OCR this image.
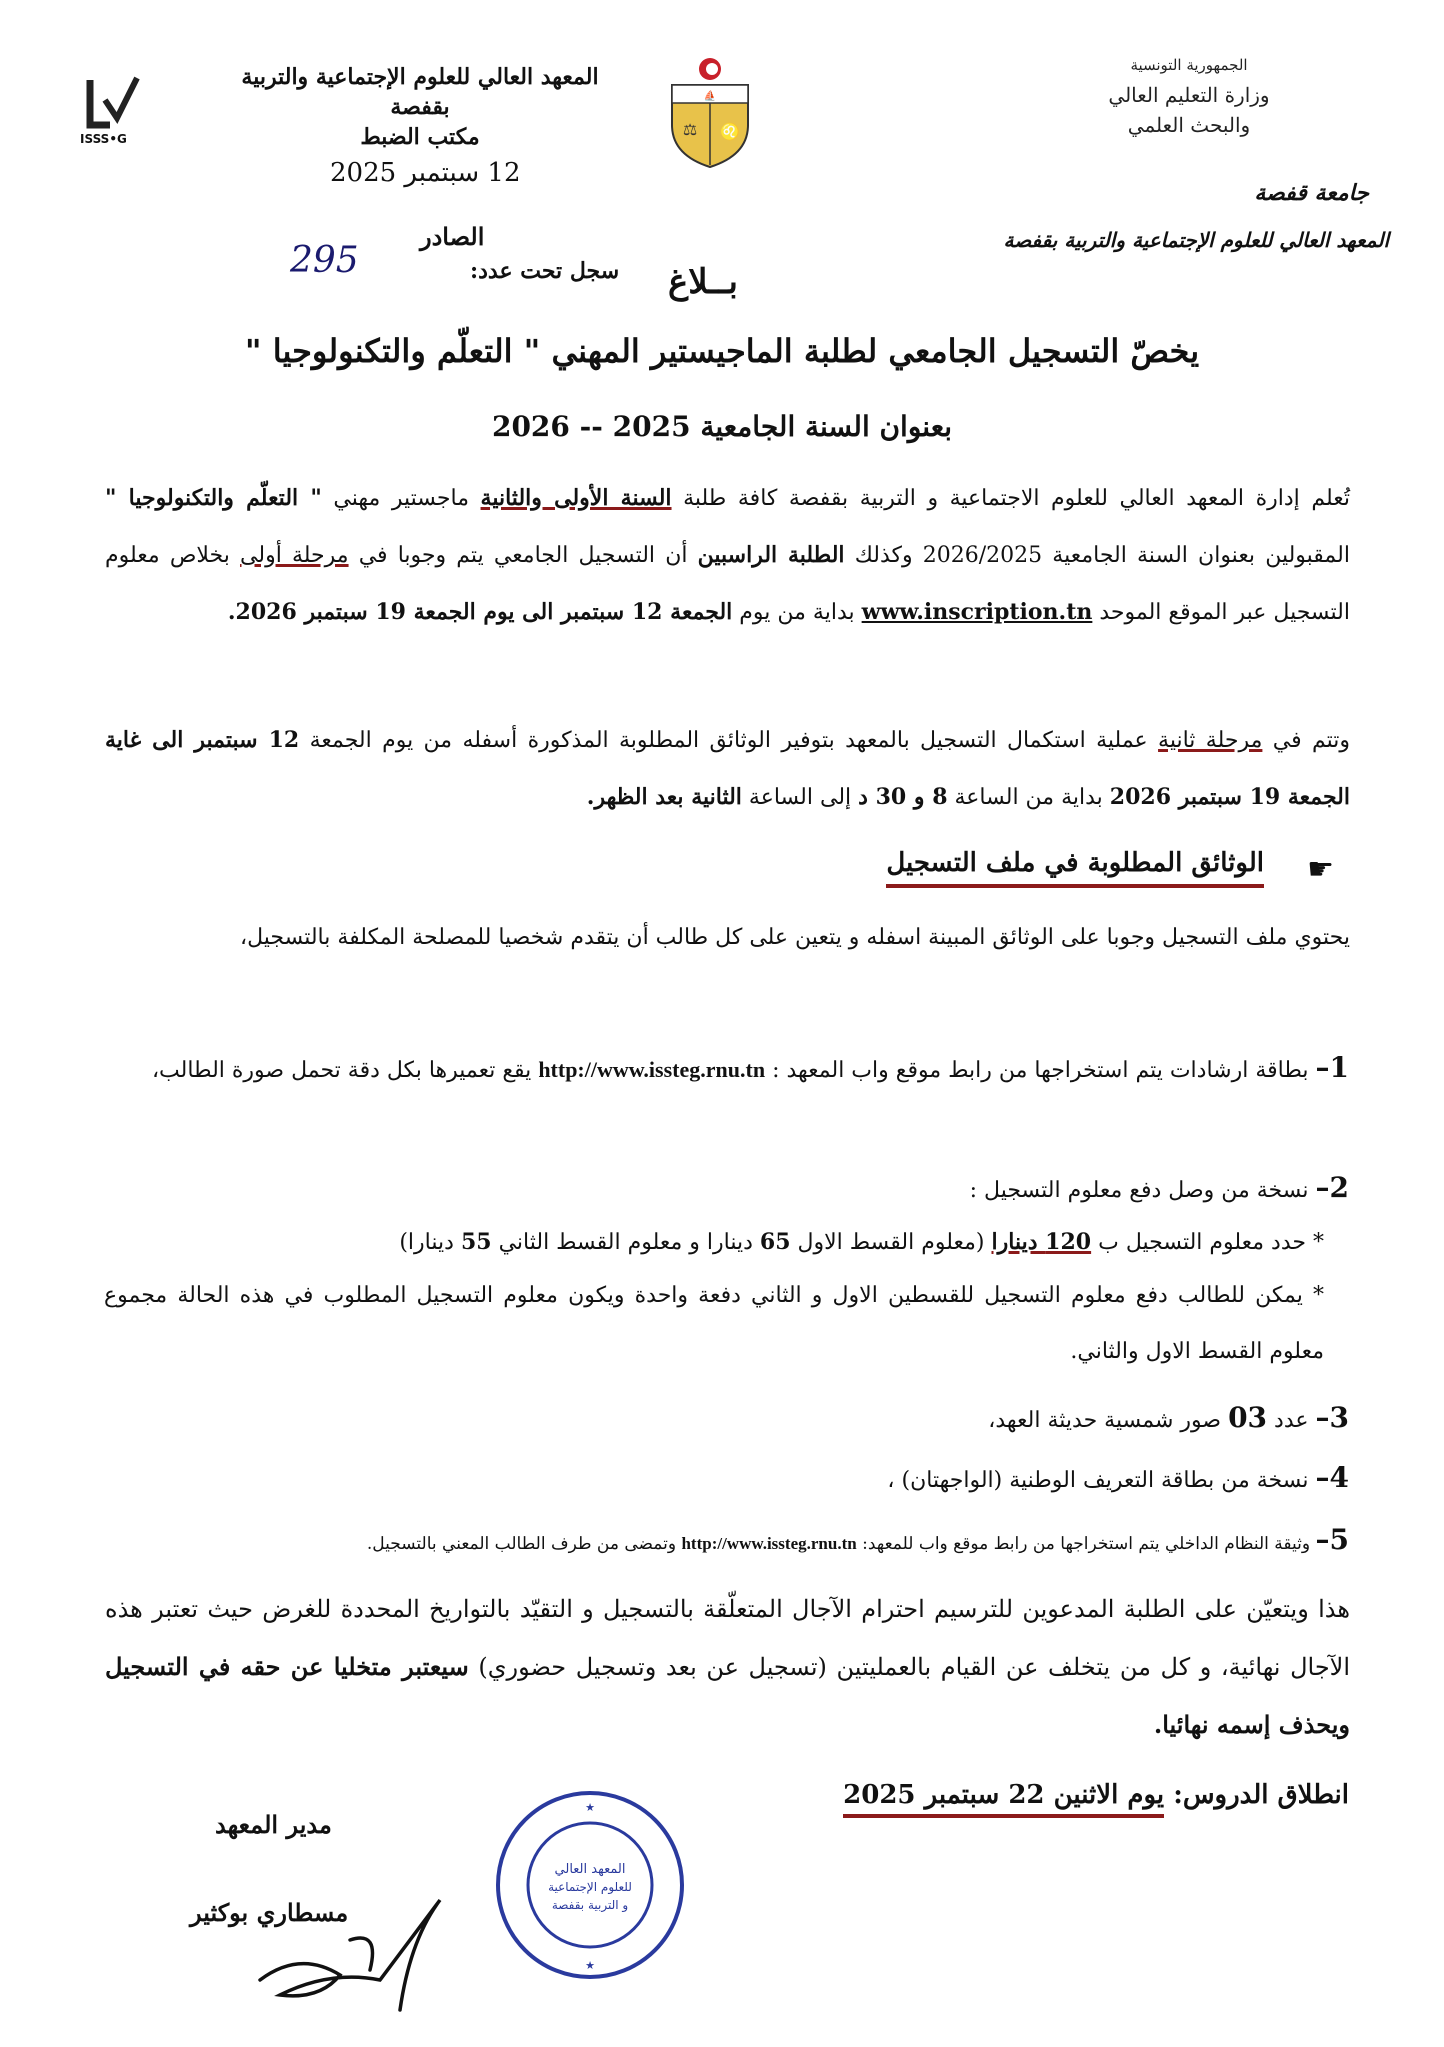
الجمهورية التونسية
وزارة التعليم العالي
والبحث العلمي
جامعة قفصة
المعهد العالي للعلوم الإجتماعية والتربية بقفصة
⛵
⚖ ♌
المعهد العالي للعلوم الإجتماعية والتربية بقفصة
مكتب الضبط
ISSS•G
12 سبتمبر 2025
الصادر
295	سجل تحت عدد: بــلاغ
يخصّ التسجيل الجامعي لطلبة الماجيستير المهني " التعلّم والتكنولوجيا "
بعنوان السنة الجامعية 2025 -- 2026
تُعلم إدارة المعهد العالي للعلوم الاجتماعية و التربية بقفصة كافة طلبة السنة الأولى والثانية ماجستير مهني " التعلّم والتكنولوجيا " المقبولين بعنوان السنة الجامعية 2026/2025 وكذلك الطلبة الراسبين أن التسجيل الجامعي يتم وجوبا في مرحلة أولى بخلاص معلوم التسجيل عبر الموقع الموحد www.inscription.tn بداية من يوم الجمعة 12 سبتمبر الى يوم الجمعة 19 سبتمبر 2026.
وتتم في مرحلة ثانية عملية استكمال التسجيل بالمعهد بتوفير الوثائق المطلوبة المذكورة أسفله من يوم الجمعة 12 سبتمبر الى غاية الجمعة 19 سبتمبر 2026 بداية من الساعة 8 و 30 د إلى الساعة الثانية بعد الظهر.
☛
الوثائق المطلوبة في ملف التسجيل
يحتوي ملف التسجيل وجوبا على الوثائق المبينة اسفله و يتعين على كل طالب أن يتقدم شخصيا للمصلحة المكلفة بالتسجيل،
1– بطاقة ارشادات يتم استخراجها من رابط موقع واب المعهد : http://www.issteg.rnu.tn يقع تعميرها بكل دقة تحمل صورة الطالب،
2– نسخة من وصل دفع معلوم التسجيل :
* حدد معلوم التسجيل ب 120 دينارا (معلوم القسط الاول 65 دينارا و معلوم القسط الثاني 55 دينارا)
* يمكن للطالب دفع معلوم التسجيل للقسطين الاول و الثاني دفعة واحدة ويكون معلوم التسجيل المطلوب في هذه الحالة مجموع معلوم القسط الاول والثاني.
3– عدد 03 صور شمسية حديثة العهد،
4– نسخة من بطاقة التعريف الوطنية (الواجهتان) ،
5– وثيقة النظام الداخلي يتم استخراجها من رابط موقع واب للمعهد: http://www.issteg.rnu.tn وتمضى من طرف الطالب المعني بالتسجيل.
هذا ويتعيّن على الطلبة المدعوين للترسيم احترام الآجال المتعلّقة بالتسجيل و التقيّد بالتواريخ المحددة للغرض حيث تعتبر هذه الآجال نهائية، و كل من يتخلف عن القيام بالعمليتين (تسجيل عن بعد وتسجيل حضوري) سيعتبر متخليا عن حقه في التسجيل ويحذف إسمه نهائيا.
انطلاق الدروس: يوم الاثنين 22 سبتمبر 2025
مدير المعهد
مسطاري بوكثير
المعهد العالي
للعلوم الإجتماعية
و التربية بقفصة
★
★
